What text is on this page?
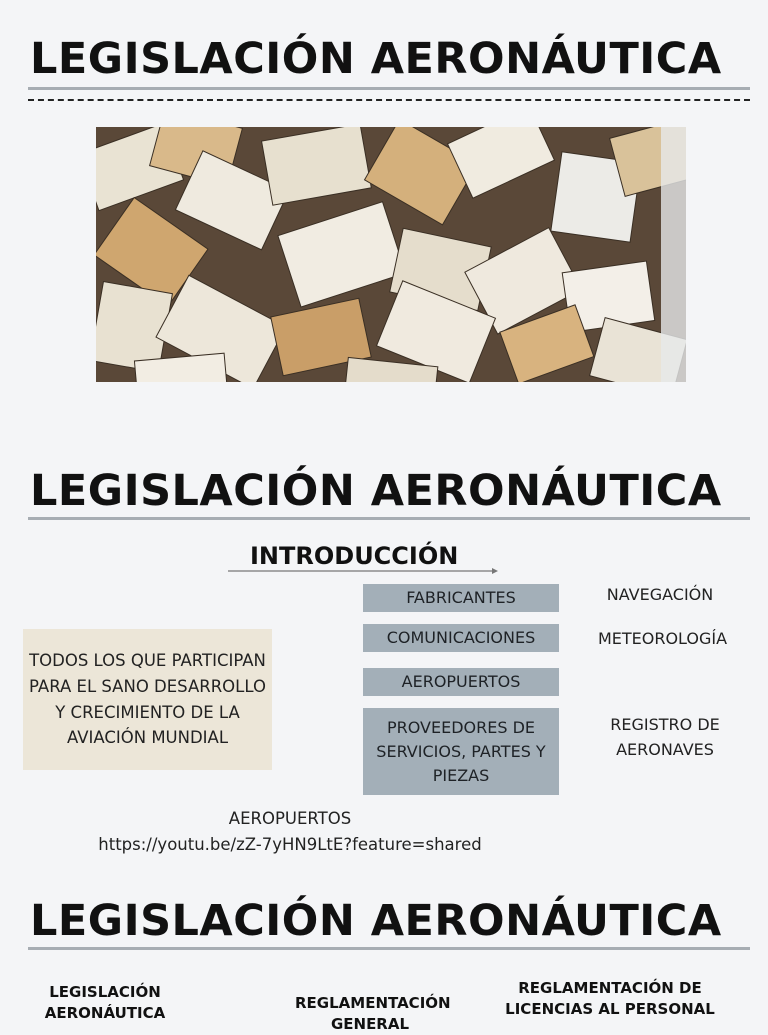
LEGISLACIÓN AERONÁUTICA
LEGISLACIÓN AERONÁUTICA
INTRODUCCIÓN
FABRICANTES
COMUNICACIONES
AEROPUERTOS
PROVEEDORES DE SERVICIOS, PARTES Y PIEZAS
NAVEGACIÓN
METEOROLOGÍA
REGISTRO DE AERONAVES
TODOS LOS QUE PARTICIPAN PARA EL SANO DESARROLLO Y CRECIMIENTO DE LA AVIACIÓN MUNDIAL
AEROPUERTOS
https://youtu.be/zZ-7yHN9LtE?feature=shared
LEGISLACIÓN AERONÁUTICA
LEGISLACIÓN AERONÁUTICA
REGLAMENTACIÓN GENERAL
REGLAMENTACIÓN DE LICENCIAS AL PERSONAL
